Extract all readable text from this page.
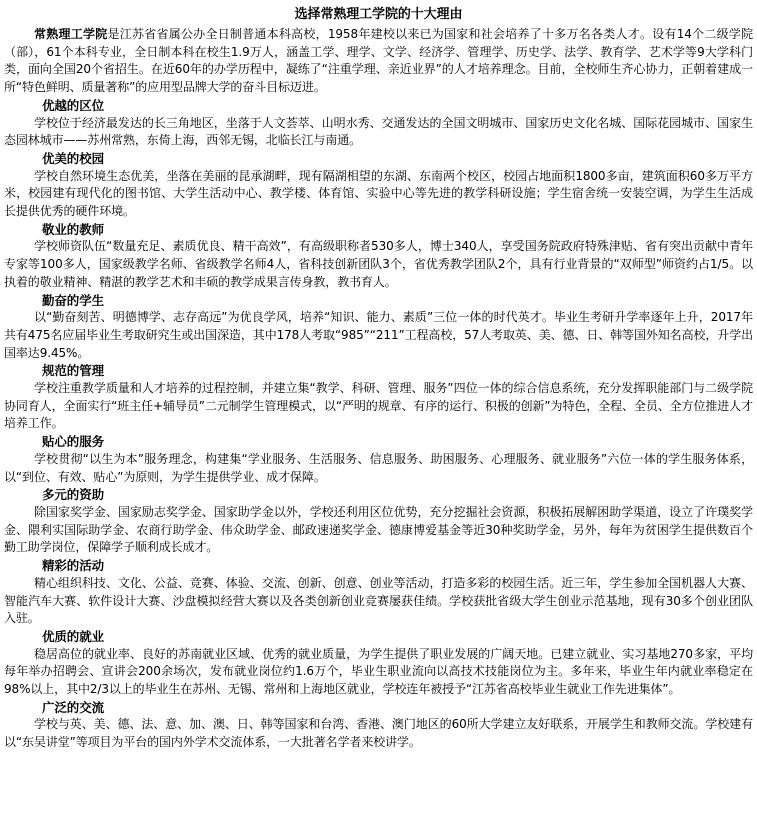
选择常熟理工学院的十大理由

常熟理工学院是江苏省省属公办全日制普通本科高校，1958年建校以来已为国家和社会培养了十多万名各类人才。设有14个二级学院（部），61个本科专业，全日制本科在校生1.9万人，涵盖工学、理学、文学、经济学、管理学、历史学、法学、教育学、艺术学等9大学科门类，面向全国20个省招生。在近60年的办学历程中，凝练了“注重学理、亲近业界”的人才培养理念。目前，全校师生齐心协力，正朝着建成一所“特色鲜明、质量著称”的应用型品牌大学的奋斗目标迈进。

优越的区位

学校位于经济最发达的长三角地区，坐落于人文荟萃、山明水秀、交通发达的全国文明城市、国家历史文化名城、国际花园城市、国家生态园林城市——苏州常熟，东倚上海，西邻无锡，北临长江与南通。

优美的校园

学校自然环境生态优美，坐落在美丽的昆承湖畔，现有隔湖相望的东湖、东南两个校区，校园占地面积1800多亩，建筑面积60多万平方米，校园建有现代化的图书馆、大学生活动中心、教学楼、体育馆、实验中心等先进的教学科研设施；学生宿舍统一安装空调，为学生生活成长提供优秀的硬件环境。

敬业的教师

学校师资队伍“数量充足、素质优良、精干高效”，有高级职称者530多人，博士340人，享受国务院政府特殊津贴、省有突出贡献中青年专家等100多人，国家级教学名师、省级教学名师4人，省科技创新团队3个，省优秀教学团队2个，具有行业背景的“双师型”师资约占1/5。以执着的敬业精神、精湛的教学艺术和丰硕的教学成果言传身教，教书育人。

勤奋的学生

以“勤奋刻苦、明德博学、志存高远”为优良学风，培养“知识、能力、素质”三位一体的时代英才。毕业生考研升学率逐年上升，2017年共有475名应届毕业生考取研究生或出国深造，其中178人考取“985”“211”工程高校，57人考取英、美、德、日、韩等国外知名高校，升学出国率达9.45%。

规范的管理

学校注重教学质量和人才培养的过程控制，并建立集“教学、科研、管理、服务”四位一体的综合信息系统，充分发挥职能部门与二级学院协同育人，全面实行“班主任+辅导员”二元制学生管理模式，以“严明的规章、有序的运行、积极的创新”为特色，全程、全员、全方位推进人才培养工作。

贴心的服务

学校贯彻“以生为本”服务理念，构建集“学业服务、生活服务、信息服务、助困服务、心理服务、就业服务”六位一体的学生服务体系，以“到位、有效、贴心”为原则，为学生提供学业、成才保障。

多元的资助

除国家奖学金、国家励志奖学金、国家助学金以外，学校还利用区位优势，充分挖掘社会资源，积极拓展解困助学渠道，设立了许璞奖学金、隈利实国际助学金、农商行助学金、伟众助学金、邮政速递奖学金、德康博爱基金等近30种奖助学金，另外，每年为贫困学生提供数百个勤工助学岗位，保障学子顺利成长成才。

精彩的活动

精心组织科技、文化、公益、竞赛、体验、交流、创新、创意、创业等活动，打造多彩的校园生活。近三年，学生参加全国机器人大赛、智能汽车大赛、软件设计大赛、沙盘模拟经营大赛以及各类创新创业竞赛屡获佳绩。学校获批省级大学生创业示范基地，现有30多个创业团队入驻。

优质的就业

稳居高位的就业率、良好的苏南就业区域、优秀的就业质量，为学生提供了职业发展的广阔天地。已建立就业、实习基地270多家，平均每年举办招聘会、宣讲会200余场次，发布就业岗位约1.6万个，毕业生职业流向以高技术技能岗位为主。多年来，毕业生年内就业率稳定在98%以上，其中2/3以上的毕业生在苏州、无锡、常州和上海地区就业，学校连年被授予“江苏省高校毕业生就业工作先进集体”。

广泛的交流

学校与英、美、德、法、意、加、澳、日、韩等国家和台湾、香港、澳门地区的60所大学建立友好联系，开展学生和教师交流。学校建有以“东吴讲堂”等项目为平台的国内外学术交流体系，一大批著名学者来校讲学。
